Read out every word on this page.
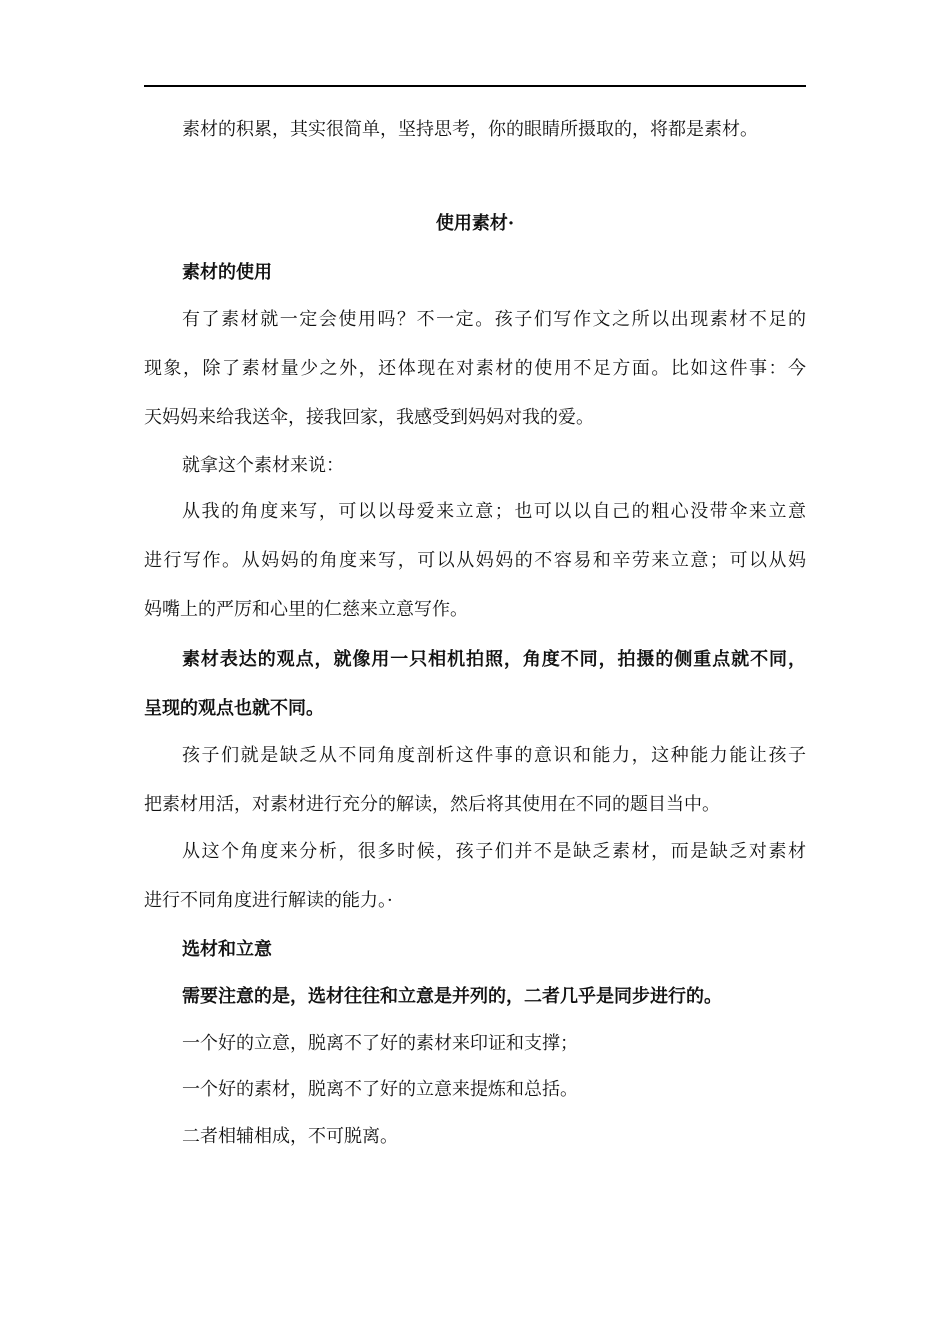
素材的积累，其实很简单，坚持思考，你的眼睛所摄取的，将都是素材。
使用素材·
素材的使用
有了素材就一定会使用吗？不一定。孩子们写作文之所以出现素材不足的
现象，除了素材量少之外，还体现在对素材的使用不足方面。比如这件事：今
天妈妈来给我送伞，接我回家，我感受到妈妈对我的爱。
就拿这个素材来说：
从我的角度来写，可以以母爱来立意；也可以以自己的粗心没带伞来立意
进行写作。从妈妈的角度来写，可以从妈妈的不容易和辛劳来立意；可以从妈
妈嘴上的严厉和心里的仁慈来立意写作。
素材表达的观点，就像用一只相机拍照，角度不同，拍摄的侧重点就不同，
呈现的观点也就不同。
孩子们就是缺乏从不同角度剖析这件事的意识和能力，这种能力能让孩子
把素材用活，对素材进行充分的解读，然后将其使用在不同的题目当中。
从这个角度来分析，很多时候，孩子们并不是缺乏素材，而是缺乏对素材
进行不同角度进行解读的能力。·
选材和立意
需要注意的是，选材往往和立意是并列的，二者几乎是同步进行的。
一个好的立意，脱离不了好的素材来印证和支撑；
一个好的素材，脱离不了好的立意来提炼和总括。
二者相辅相成，不可脱离。
